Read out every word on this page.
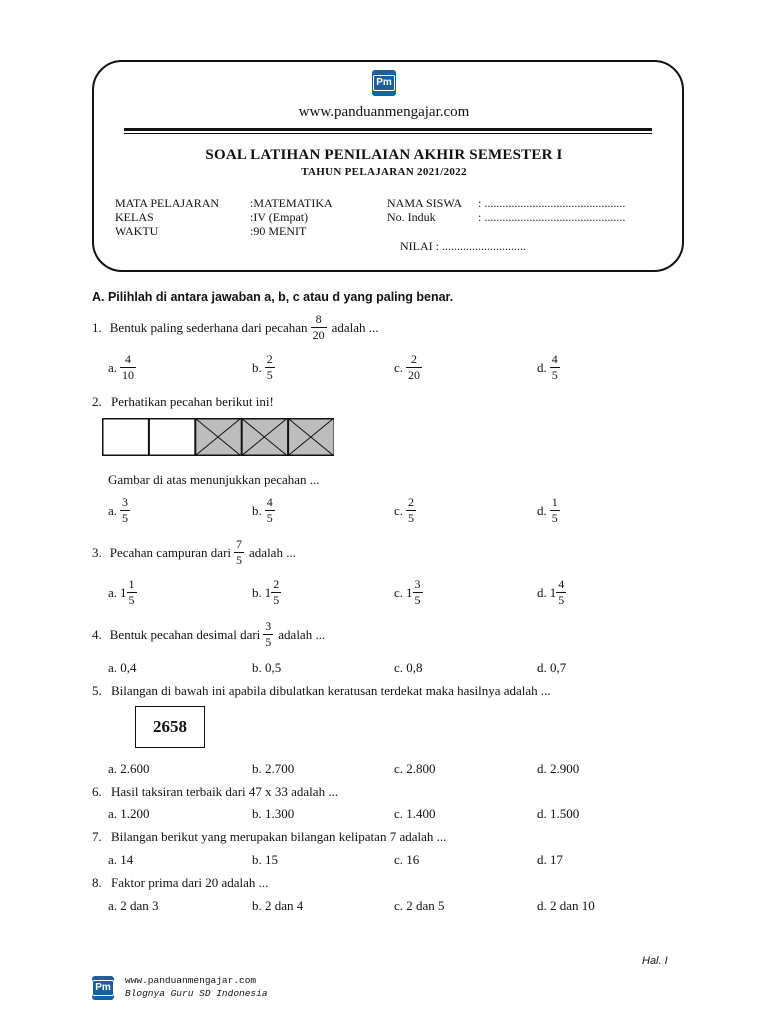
Pm
www.panduanmengajar.com
SOAL LATIHAN PENILAIAN AKHIR SEMESTER I
TAHUN PELAJARAN 2021/2022
MATA PELAJARAN	:MATEMATIKA
KELAS	:IV (Empat)
WAKTU	:90 MENIT
NAMA SISWA : ...............................................
No. Induk	: ...............................................
NILAI : ............................
A. Pilihlah di antara jawaban a, b, c atau d yang paling benar.
1. Bentuk paling sederhana dari pecahan $\frac{8}{20}$ adalah ...
a. $\frac{4}{10}$	b. $\frac{2}{5}$	c. $\frac{2}{20}$	d. $\frac{4}{5}$
2. Perhatikan pecahan berikut ini!
Gambar di atas menunjukkan pecahan ...
a. $\frac{3}{5}$	b. $\frac{4}{5}$	c. $\frac{2}{5}$	d. $\frac{1}{5}$
3. Pecahan campuran dari $\frac{7}{5}$ adalah ...
a. $1 \frac{1}{5}$	b. $1 \frac{2}{5}$	c. $1 \frac{3}{5}$	d. $1 \frac{4}{5}$
4. Bentuk pecahan desimal dari $\frac{3}{5}$ adalah ...
a. 0,4	b. 0,5	c. 0,8	d. 0,7
5. Bilangan di bawah ini apabila dibulatkan keratusan terdekat maka hasilnya adalah ...
2658
a. 2.600	b. 2.700	c. 2.800	d. 2.900
6. Hasil taksiran terbaik dari 47 x 33 adalah ...
a. 1.200	b. 1.300	c. 1.400	d. 1.500
7. Bilangan berikut yang merupakan bilangan kelipatan 7 adalah ...
a. 14	b. 15	c. 16	d. 17
8. Faktor prima dari 20 adalah ...
a. 2 dan 3	b. 2 dan 4	c. 2 dan 5	d. 2 dan 10
Hal. I
Pm
www.panduanmengajar.com
Blognya Guru SD Indonesia
